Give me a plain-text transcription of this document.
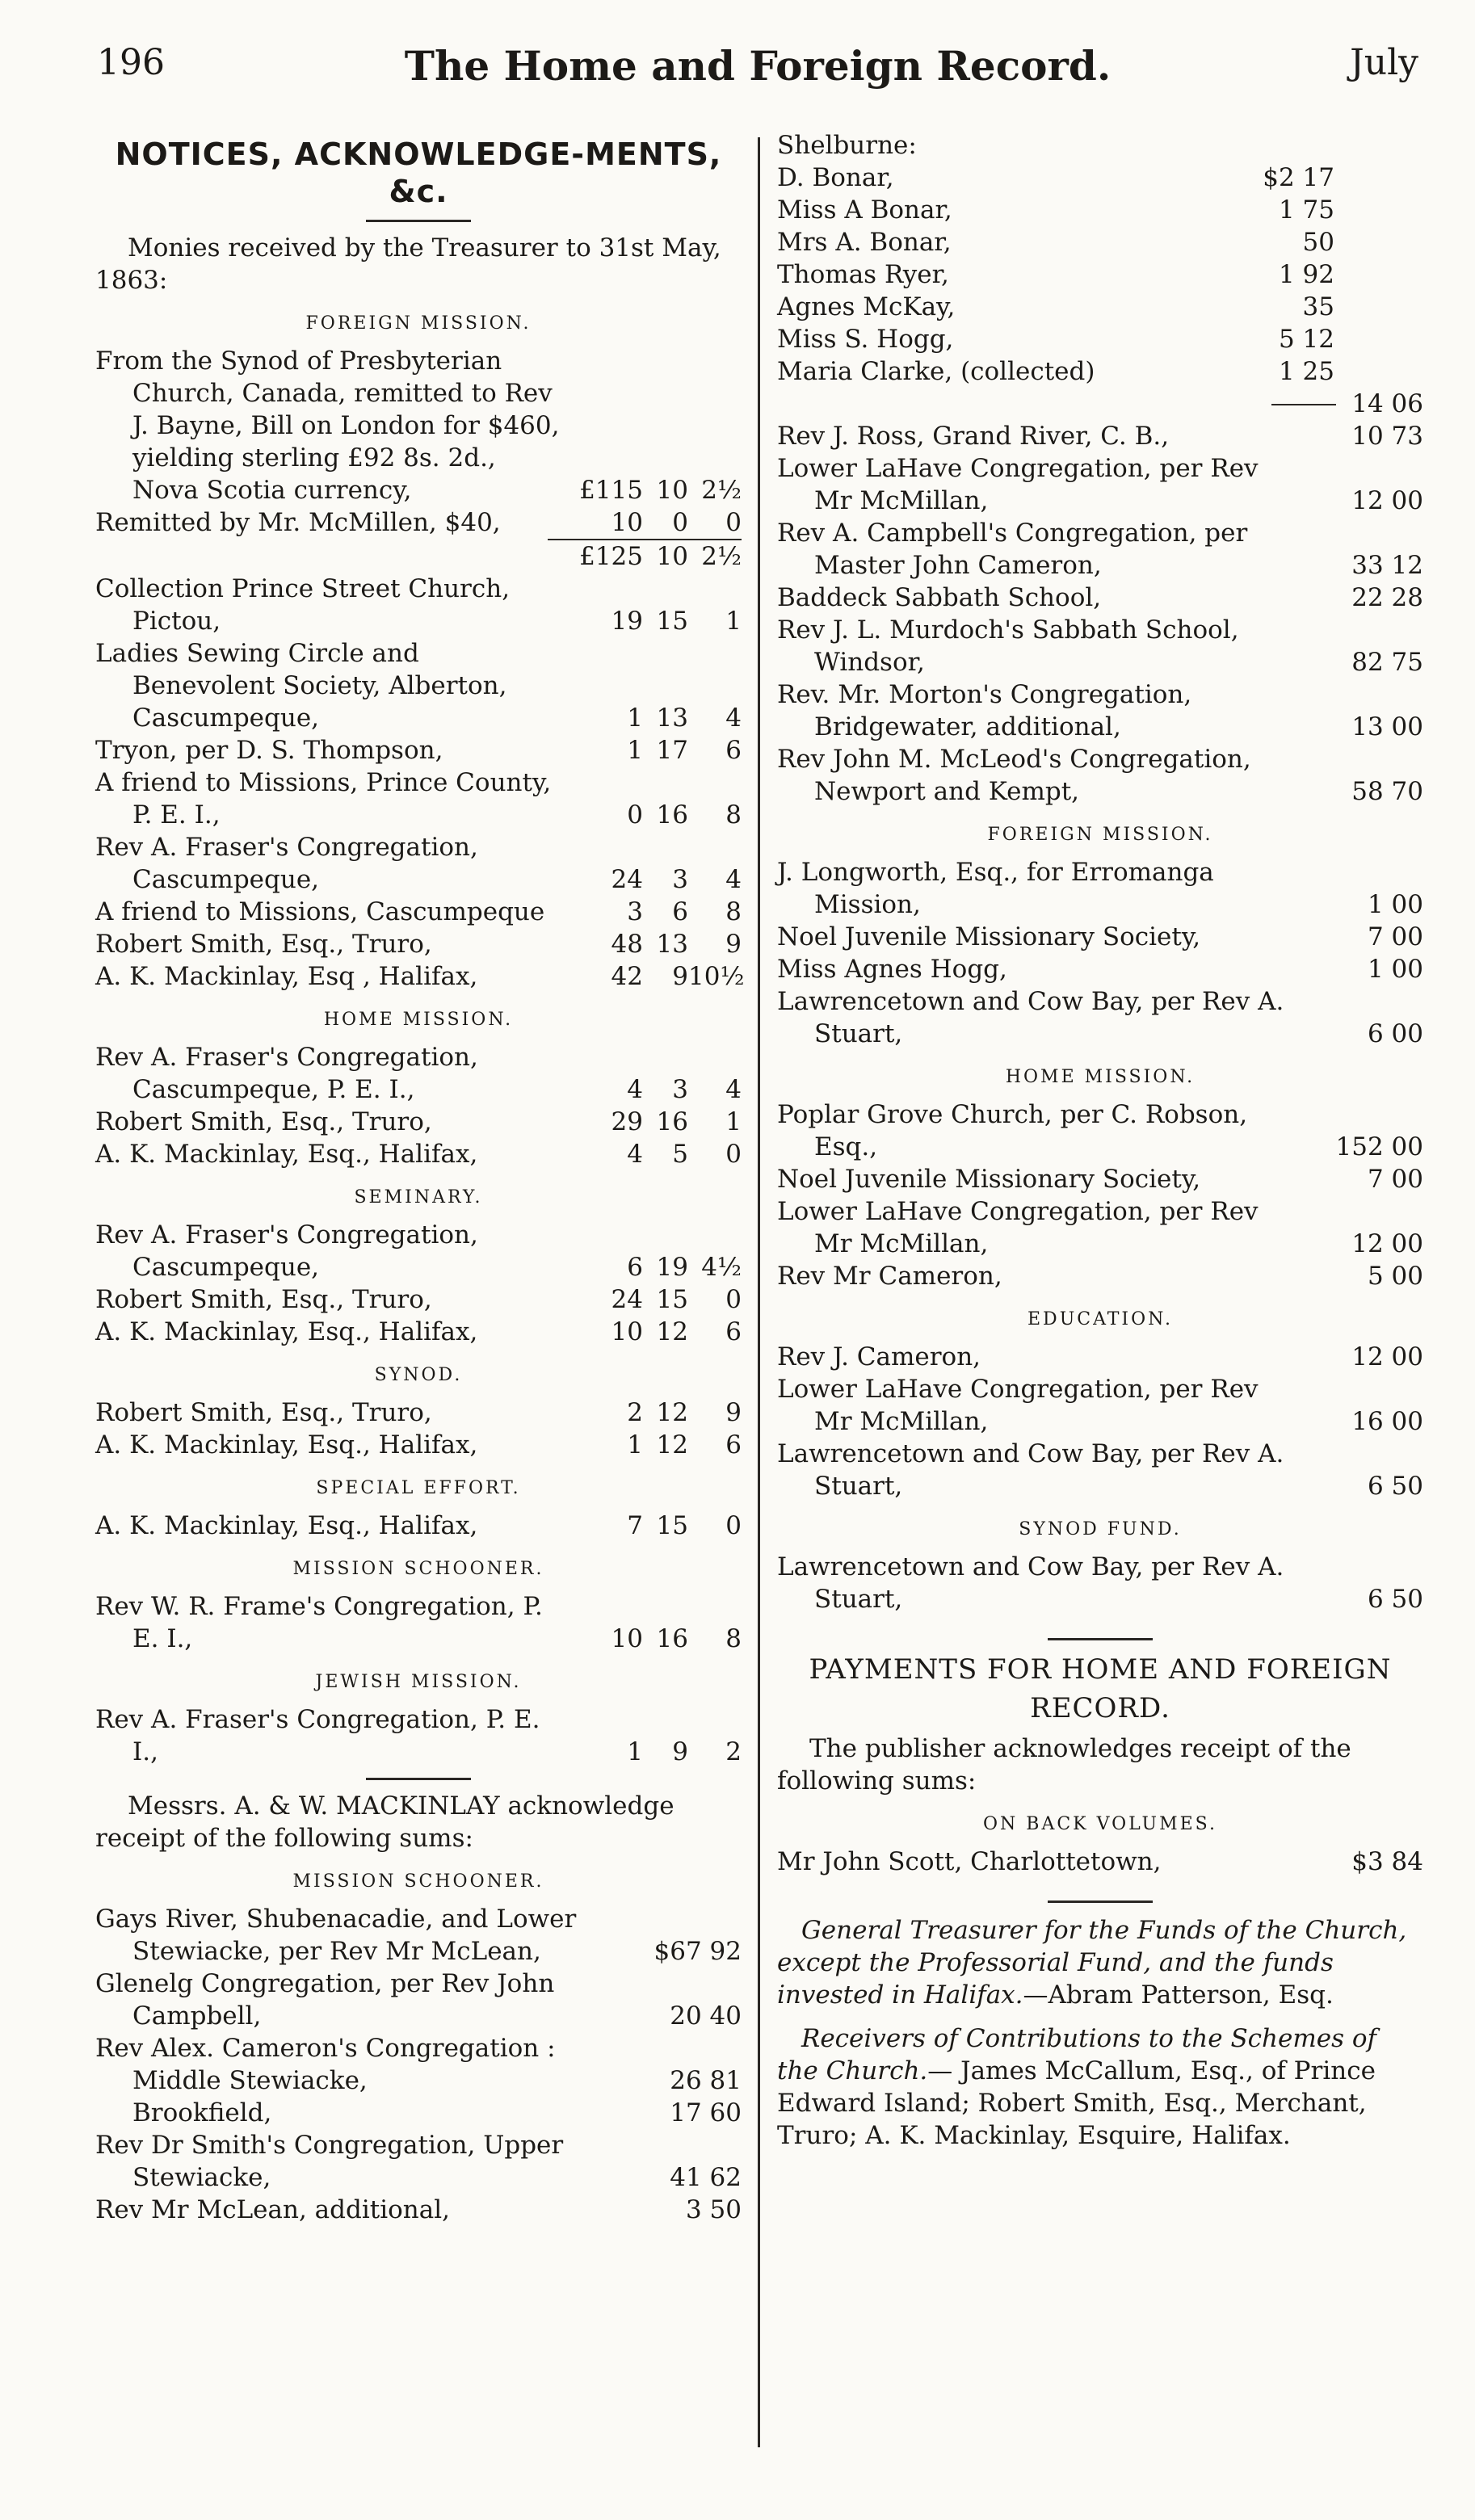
196	The Home and Foreign Record.	July
NOTICES, ACKNOWLEDGE-MENTS, &c.
Monies received by the Treasurer to 31st May, 1863:
FOREIGN MISSION.
From the Synod of Presbyterian Church, Canada, remitted to Rev J. Bayne, Bill on London for $460, yielding sterling £92 8s. 2d., Nova Scotia currency,	£115 10 2½
Remitted by Mr. McMillen, $40,	10	0	0
£125 10 2½
Collection Prince Street Church, Pictou,	19 15	1
Ladies Sewing Circle and Benevolent Society, Alberton, Cascumpeque,	1 13	4
Tryon, per D. S. Thompson,	1 17	6
A friend to Missions, Prince County, P. E. I.,	0 16	8
Rev A. Fraser's Congregation, Cascumpeque,	24	3	4
A friend to Missions, Cascumpeque	3	6	8
Robert Smith, Esq., Truro,	48 13	9
A. K. Mackinlay, Esq , Halifax,	42	9 10½
HOME MISSION.
Rev A. Fraser's Congregation, Cascumpeque, P. E. I.,	4	3	4
Robert Smith, Esq., Truro,	29 16	1
A. K. Mackinlay, Esq., Halifax,	4	5	0
SEMINARY.
Rev A. Fraser's Congregation, Cascumpeque,	6 19 4½
Robert Smith, Esq., Truro,	24 15	0
A. K. Mackinlay, Esq., Halifax,	10 12	6
SYNOD.
Robert Smith, Esq., Truro,	2 12	9
A. K. Mackinlay, Esq., Halifax,	1 12	6
SPECIAL EFFORT.
A. K. Mackinlay, Esq., Halifax,	7 15	0
MISSION SCHOONER.
Rev W. R. Frame's Congregation, P. E. I.,	10 16	8
JEWISH MISSION.
Rev A. Fraser's Congregation, P. E. I.,	1	9	2
Messrs. A. & W. MACKINLAY acknowledge receipt of the following sums:
MISSION SCHOONER.
Gays River, Shubenacadie, and Lower Stewiacke, per Rev Mr McLean,	$67 92
Glenelg Congregation, per Rev John Campbell,	20 40
Rev Alex. Cameron's Congregation :
Middle Stewiacke,	26 81
Brookfield,	17 60
Rev Dr Smith's Congregation, Upper Stewiacke,	41 62
Rev Mr McLean, additional,	3 50
Shelburne:
D. Bonar,	$2 17
Miss A Bonar,	1 75
Mrs A. Bonar,	50
Thomas Ryer,	1 92
Agnes McKay,	35
Miss S. Hogg,	5 12
Maria Clarke, (collected)	1 25
14 06
Rev J. Ross, Grand River, C. B.,	10 73
Lower LaHave Congregation, per Rev Mr McMillan,	12 00
Rev A. Campbell's Congregation, per Master John Cameron,	33 12
Baddeck Sabbath School,	22 28
Rev J. L. Murdoch's Sabbath School, Windsor,	82 75
Rev. Mr. Morton's Congregation, Bridgewater, additional,	13 00
Rev John M. McLeod's Congregation, Newport and Kempt,	58 70
FOREIGN MISSION.
J. Longworth, Esq., for Erromanga Mission,	1 00
Noel Juvenile Missionary Society,	7 00
Miss Agnes Hogg,	1 00
Lawrencetown and Cow Bay, per Rev A. Stuart,	6 00
HOME MISSION.
Poplar Grove Church, per C. Robson, Esq.,	152 00
Noel Juvenile Missionary Society,	7 00
Lower LaHave Congregation, per Rev Mr McMillan,	12 00
Rev Mr Cameron,	5 00
EDUCATION.
Rev J. Cameron,	12 00
Lower LaHave Congregation, per Rev Mr McMillan,	16 00
Lawrencetown and Cow Bay, per Rev A. Stuart,	6 50
SYNOD FUND.
Lawrencetown and Cow Bay, per Rev A. Stuart,	6 50
PAYMENTS FOR HOME AND FOREIGN RECORD.
The publisher acknowledges receipt of the following sums:
ON BACK VOLUMES.
Mr John Scott, Charlottetown,	$3 84
General Treasurer for the Funds of the Church, except the Professorial Fund, and the funds invested in Halifax.—Abram Patterson, Esq.
Receivers of Contributions to the Schemes of the Church.— James McCallum, Esq., of Prince Edward Island; Robert Smith, Esq., Merchant, Truro; A. K. Mackinlay, Esquire, Halifax.
